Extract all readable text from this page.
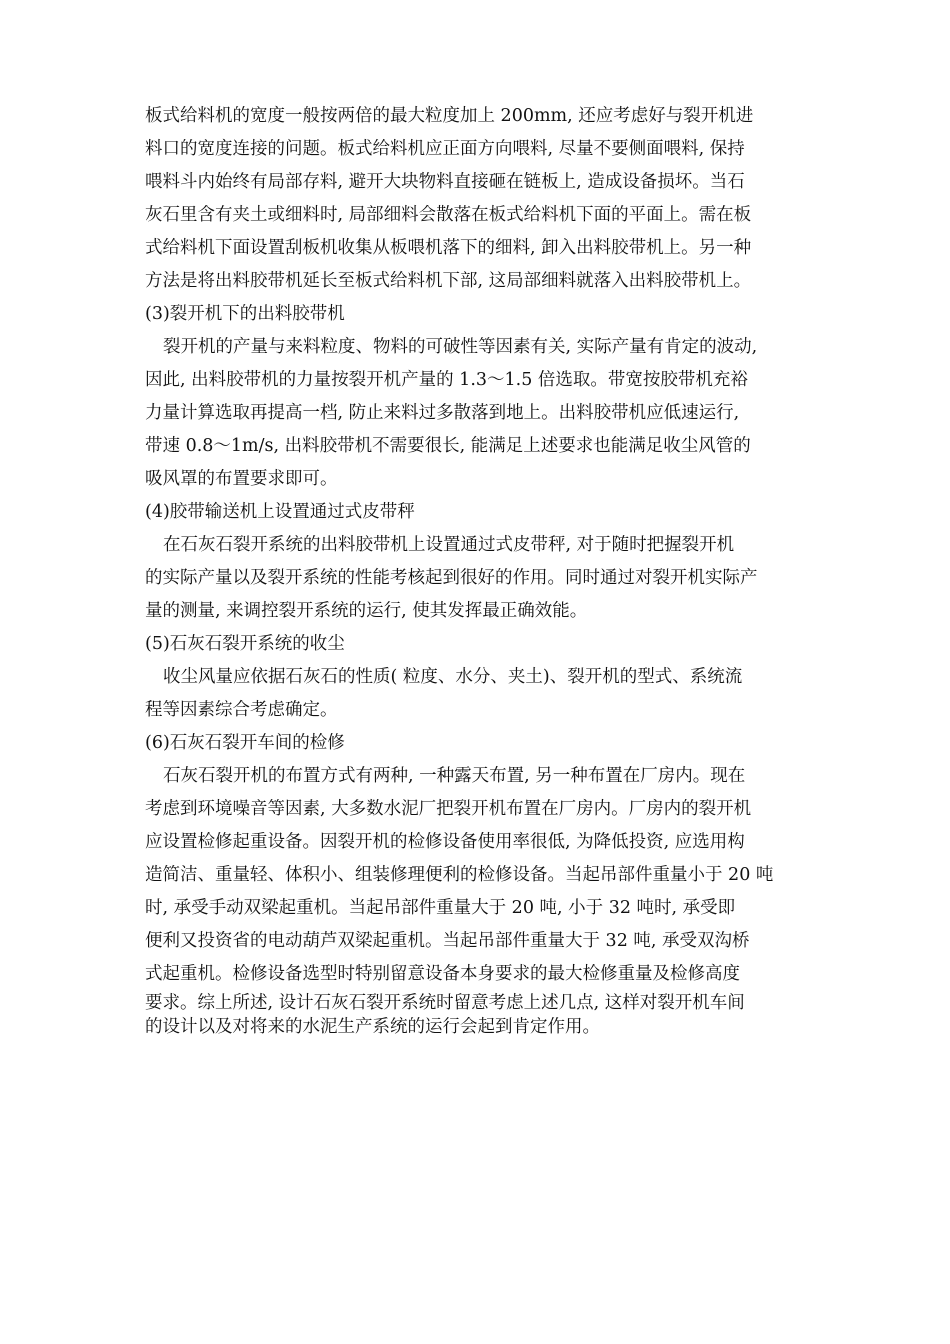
板式给料机的宽度一般按两倍的最大粒度加上 200mm, 还应考虑好与裂开机进
料口的宽度连接的问题。板式给料机应正面方向喂料, 尽量不要侧面喂料, 保持
喂料斗内始终有局部存料, 避开大块物料直接砸在链板上, 造成设备损坏。当石
灰石里含有夹土或细料时, 局部细料会散落在板式给料机下面的平面上。需在板
式给料机下面设置刮板机收集从板喂机落下的细料, 卸入出料胶带机上。另一种
方法是将出料胶带机延长至板式给料机下部, 这局部细料就落入出料胶带机上。
(3)裂开机下的出料胶带机
裂开机的产量与来料粒度、物料的可破性等因素有关, 实际产量有肯定的波动,
因此, 出料胶带机的力量按裂开机产量的 1.3～1.5 倍选取。带宽按胶带机充裕
力量计算选取再提高一档, 防止来料过多散落到地上。出料胶带机应低速运行,
带速 0.8～1m/s, 出料胶带机不需要很长, 能满足上述要求也能满足收尘风管的
吸风罩的布置要求即可。
(4)胶带输送机上设置通过式皮带秤
在石灰石裂开系统的出料胶带机上设置通过式皮带秤, 对于随时把握裂开机
的实际产量以及裂开系统的性能考核起到很好的作用。同时通过对裂开机实际产
量的测量, 来调控裂开系统的运行, 使其发挥最正确效能。
(5)石灰石裂开系统的收尘
收尘风量应依据石灰石的性质( 粒度、水分、夹土)、裂开机的型式、系统流
程等因素综合考虑确定。
(6)石灰石裂开车间的检修
石灰石裂开机的布置方式有两种, 一种露天布置, 另一种布置在厂房内。现在
考虑到环境噪音等因素, 大多数水泥厂把裂开机布置在厂房内。厂房内的裂开机
应设置检修起重设备。因裂开机的检修设备使用率很低, 为降低投资, 应选用构
造简洁、重量轻、体积小、组装修理便利的检修设备。当起吊部件重量小于 20 吨
时, 承受手动双梁起重机。当起吊部件重量大于 20 吨, 小于 32 吨时, 承受即
便利又投资省的电动葫芦双梁起重机。当起吊部件重量大于 32 吨, 承受双沟桥
式起重机。检修设备选型时特别留意设备本身要求的最大检修重量及检修高度
要求。综上所述, 设计石灰石裂开系统时留意考虑上述几点, 这样对裂开机车间
的设计以及对将来的水泥生产系统的运行会起到肯定作用。
